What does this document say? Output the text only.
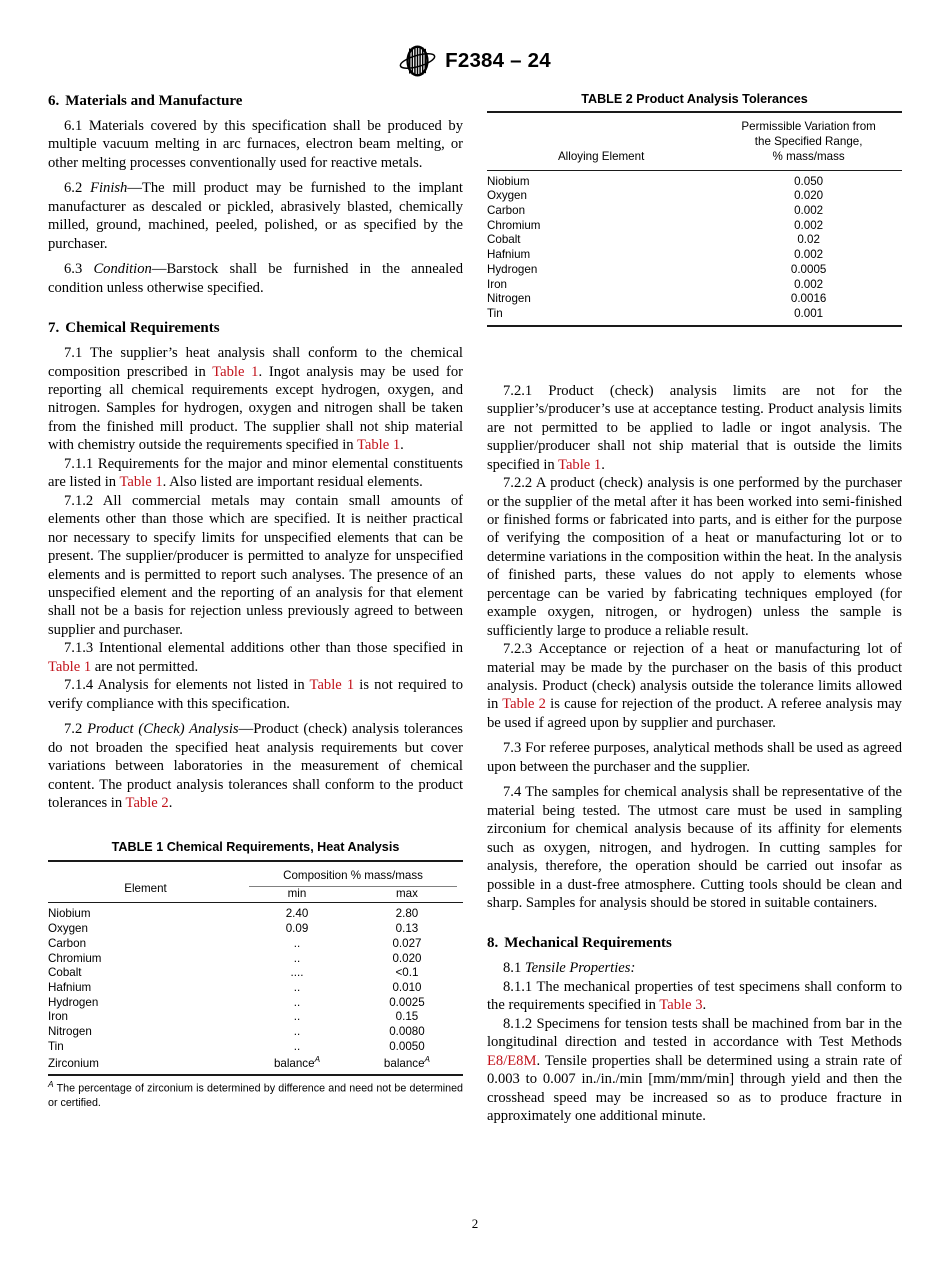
F2384 – 24
6. Materials and Manufacture

6.1 Materials covered by this specification shall be produced by multiple vacuum melting in arc furnaces, electron beam melting, or other melting processes conventionally used for reactive metals.

6.2 Finish—The mill product may be furnished to the implant manufacturer as descaled or pickled, abrasively blasted, chemically milled, ground, machined, peeled, polished, or as specified by the purchaser.

6.3 Condition—Barstock shall be furnished in the annealed condition unless otherwise specified.

7. Chemical Requirements

7.1 The supplier’s heat analysis shall conform to the chemical composition prescribed in Table 1. Ingot analysis may be used for reporting all chemical requirements except hydrogen, oxygen, and nitrogen. Samples for hydrogen, oxygen and nitrogen shall be taken from the finished mill product. The supplier shall not ship material with chemistry outside the requirements specified in Table 1.

7.1.1 Requirements for the major and minor elemental constituents are listed in Table 1. Also listed are important residual elements.

7.1.2 All commercial metals may contain small amounts of elements other than those which are specified. It is neither practical nor necessary to specify limits for unspecified elements that can be present. The supplier/producer is permitted to analyze for unspecified elements and is permitted to report such analyses. The presence of an unspecified element and the reporting of an analysis for that element shall not be a basis for rejection unless previously agreed to between supplier and purchaser.

7.1.3 Intentional elemental additions other than those specified in Table 1 are not permitted.

7.1.4 Analysis for elements not listed in Table 1 is not required to verify compliance with this specification.

7.2 Product (Check) Analysis—Product (check) analysis tolerances do not broaden the specified heat analysis requirements but cover variations between laboratories in the measurement of chemical content. The product analysis tolerances shall conform to the product tolerances in Table 2.

TABLE 1 Chemical Requirements, Heat Analysis
Element	Composition % mass/mass	

	min	max

Niobium	2.40	2.80
Oxygen	0.09	0.13
Carbon	..	0.027
Chromium	..	0.020
Cobalt	....	<0.1
Hafnium	..	0.010
Hydrogen	..	0.0025
Iron	..	0.15
Nitrogen	..	0.0080
Tin	..	0.0050
Zirconium	balance$^A$	balance$^A$

$^A$ The percentage of zirconium is determined by difference and need not be determined or certified.

TABLE 2 Product Analysis Tolerances
Alloying Element	Permissible Variation from
the Specified Range,
% mass/mass

Niobium	0.050
Oxygen	0.020
Carbon	0.002
Chromium	0.002
Cobalt	0.02
Hafnium	0.002
Hydrogen	0.0005
Iron	0.002
Nitrogen	0.0016
Tin	0.001

7.2.1 Product (check) analysis limits are not for the supplier’s/producer’s use at acceptance testing. Product analysis limits are not permitted to be applied to ladle or ingot analysis. The supplier/producer shall not ship material that is outside the limits specified in Table 1.

7.2.2 A product (check) analysis is one performed by the purchaser or the supplier of the metal after it has been worked into semi-finished or finished forms or fabricated into parts, and is either for the purpose of verifying the composition of a heat or manufacturing lot or to determine variations in the composition within the heat. In the analysis of finished parts, these values do not apply to elements whose percentage can be varied by fabricating techniques employed (for example oxygen, nitrogen, or hydrogen) unless the sample is sufficiently large to produce a reliable result.

7.2.3 Acceptance or rejection of a heat or manufacturing lot of material may be made by the purchaser on the basis of this product analysis. Product (check) analysis outside the tolerance limits allowed in Table 2 is cause for rejection of the product. A referee analysis may be used if agreed upon by supplier and purchaser.

7.3 For referee purposes, analytical methods shall be used as agreed upon between the purchaser and the supplier.

7.4 The samples for chemical analysis shall be representative of the material being tested. The utmost care must be used in sampling zirconium for chemical analysis because of its affinity for elements such as oxygen, nitrogen, and hydrogen. In cutting samples for analysis, therefore, the operation should be carried out insofar as possible in a dust-free atmosphere. Cutting tools should be clean and sharp. Samples for analysis should be stored in suitable containers.

8. Mechanical Requirements

8.1 Tensile Properties:

8.1.1 The mechanical properties of test specimens shall conform to the requirements specified in Table 3.

8.1.2 Specimens for tension tests shall be machined from bar in the longitudinal direction and tested in accordance with Test Methods E8/E8M. Tensile properties shall be determined using a strain rate of 0.003 to 0.007 in./in./min [mm/mm/min] through yield and then the crosshead speed may be increased so as to produce fracture in approximately one additional minute.

2
